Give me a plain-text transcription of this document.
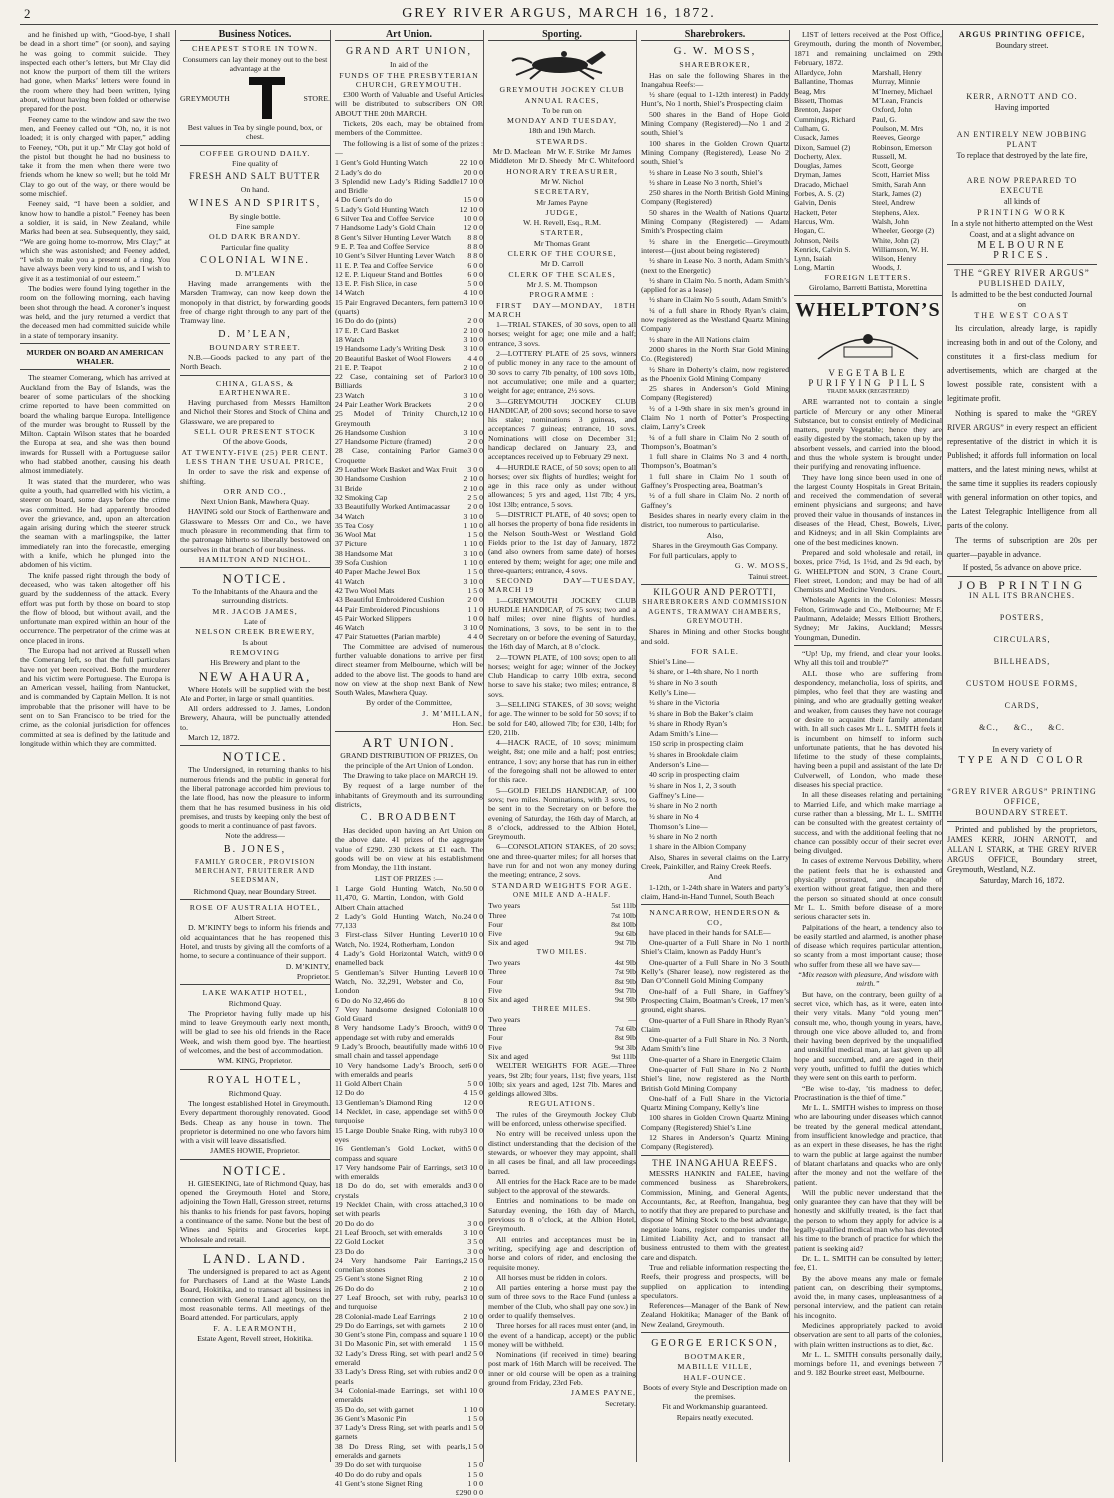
2	GREY RIVER ARGUS, MARCH 16, 1872.

and he finished up with, “Good-bye, I shall be dead in a short time” (or soon), and saying he was going to commit suicide. They inspected each other’s letters, but Mr Clay did not know the purport of them till the writers had gone, when Marks’ letters were found in the room where they had been written, lying about, without having been folded or otherwise prepared for the post.

Feeney came to the window and saw the two men, and Feeney called out “Oh, no, it is not loaded; it is only charged with paper,” adding to Feeney, “Oh, put it up.” Mr Clay got hold of the pistol but thought he had no business to take it from the men when there were two friends whom he knew so well; but he told Mr Clay to go out of the way, or there would be some mischief.

Feeney said, “I have been a soldier, and know how to handle a pistol.” Feeney has been a soldier, it is said, in New Zealand, while Marks had been at sea. Subsequently, they said, “We are going home to-morrow, Mrs Clay;” at which she was astonished; and Feeney added, “I wish to make you a present of a ring. You have always been very kind to us, and I wish to give it as a testimonial of our esteem.”

The bodies were found lying together in the room on the following morning, each having been shot through the head. A coroner’s inquest was held, and the jury returned a verdict that the deceased men had committed suicide while in a state of temporary insanity.

MURDER ON BOARD AN AMERICAN WHALER.

The steamer Comerang, which has arrived at Auckland from the Bay of Islands, was the bearer of some particulars of the shocking crime reported to have been committed on board the whaling barque Europa. Intelligence of the murder was brought to Russell by the Milton. Captain Wilson states that he boarded the Europa at sea, and she was then bound inwards for Russell with a Portuguese sailor who had stabbed another, causing his death almost immediately.

It was stated that the murderer, who was quite a youth, had quarrelled with his victim, a steerer on board, some days before the crime was committed. He had apparently brooded over the grievance, and, upon an altercation again arising during which the steerer struck the seaman with a marlingspike, the latter immediately ran into the forecastle, emerging with a knife, which he plunged into the abdomen of his victim.

The knife passed right through the body of deceased, who was taken altogether off his guard by the suddenness of the attack. Every effort was put forth by those on board to stop the flow of blood, but without avail, and the unfortunate man expired within an hour of the occurrence. The perpetrator of the crime was at once placed in irons.

The Europa had not arrived at Russell when the Comerang left, so that the full particulars have not yet been received. Both the murderer and his victim were Portuguese. The Europa is an American vessel, hailing from Nantucket, and is commanded by Captain Mellon. It is not improbable that the prisoner will have to be sent on to San Francisco to be tried for the crime, as the colonial jurisdiction for offences committed at sea is defined by the latitude and longitude within which they are committed.

Business Notices.

CHEAPEST STORE IN TOWN.

Consumers can lay their money out to the best advantage at the

GREYMOUTH	STORE.

Best values in Tea by single pound, box, or chest.

COFFEE GROUND DAILY.

Fine quality of

FRESH AND SALT BUTTER

On hand.

WINES AND SPIRITS,

By single bottle.

Fine sample

OLD DARK BRANDY.

Particular fine quality

COLONIAL WINE.

D. M’LEAN

Having made arrangements with the Marsden Tramway, can now keep down the monopoly in that district, by forwarding goods free of charge right through to any part of the Tramway line.

D. M’LEAN,

BOUNDARY STREET.

N.B.—Goods packed to any part of the North Beach.

CHINA, GLASS, & EARTHENWARE.

Having purchased from Messrs Hamilton and Nichol their Stores and Stock of China and Glassware, we are prepared to

SELL OUR PRESENT STOCK

Of the above Goods,

AT TWENTY-FIVE (25) PER CENT. LESS THAN THE USUAL PRICE,

In order to save the risk and expense of shifting.

ORR AND CO.,

Next Union Bank, Mawhera Quay.

HAVING sold our Stock of Earthenware and Glassware to Messrs Orr and Co., we have much pleasure in recommending that firm to the patronage hitherto so liberally bestowed on ourselves in that branch of our business.

HAMILTON AND NICHOL.

NOTICE.

To the Inhabitants of the Ahaura and the surrounding districts.

MR. JACOB JAMES,

Late of

NELSON CREEK BREWERY,

Is about

REMOVING

His Brewery and plant to the

NEW AHAURA,

Where Hotels will be supplied with the best Ale and Porter, in large or small quantities.

All orders addressed to J. James, London Brewery, Ahaura, will be punctually attended to.

March 12, 1872.

NOTICE.

The Undersigned, in returning thanks to his numerous friends and the public in general for the liberal patronage accorded him previous to the late flood, has now the pleasure to inform them that he has resumed business in his old premises, and trusts by keeping only the best of goods to merit a continuance of past favors.

Note the address—

B. JONES,

FAMILY GROCER, PROVISION MERCHANT, FRUITERER AND SEEDSMAN,

Richmond Quay, near Boundary Street.

ROSE OF AUSTRALIA HOTEL,

Albert Street.

D. M’KINTY begs to inform his friends and old acquaintances that he has reopened this Hotel, and trusts by giving all the comforts of a home, to secure a continuance of their support.

D. M’KINTY,

Proprietor.

LAKE WAKATIP HOTEL,

Richmond Quay.

The Proprietor having fully made up his mind to leave Greymouth early next month, will be glad to see his old friends in the Race Week, and wish them good bye. The heartiest of welcomes, and the best of accommodation.

WM. KING, Proprietor.

ROYAL HOTEL,

Richmond Quay.

The longest established Hotel in Greymouth. Every department thoroughly renovated. Good Beds. Cheap as any house in town. The proprietor is determined no one who favors him with a visit will leave dissatisfied.

JAMES HOWIE, Proprietor.

NOTICE.

H. GIESEKING, late of Richmond Quay, has opened the Greymouth Hotel and Store, adjoining the Town Hall, Gresson street, returns his thanks to his friends for past favors, hoping a continuance of the same. None but the best of Wines and Spirits and Groceries kept. Wholesale and retail.

LAND. LAND.

The undersigned is prepared to act as Agent for Purchasers of Land at the Waste Lands Board, Hokitika, and to transact all business in connection with General Land agency, on the most reasonable terms. All meetings of the Board attended. For particulars, apply

F. A. LEARMONTH,

Estate Agent, Revell street, Hokitika.

Art Union.

GRAND ART UNION,

In aid of the

FUNDS OF THE PRESBYTERIAN CHURCH, GREYMOUTH.

£300 Worth of Valuable and Useful Articles will be distributed to subscribers ON OR ABOUT THE 20th MARCH.

Tickets, 20s each, may be obtained from members of the Committee.

The following is a list of some of the prizes :—

1 Gent’s Gold Hunting Watch	22 10 0
2 Lady’s do do	20 0 0
3 Splendid new Lady’s Riding Saddle and Bridle
17 10 0
4 Do Gent’s do do	15 0 0
5 Lady’s Gold Hunting Watch	12 10 0
6 Silver Tea and Coffee Service	10 0 0
7 Handsome Lady’s Gold Chain	12 0 0
8 Gent’s Silver Hunting Lever Watch 8 8 0
9 E. P. Tea and Coffee Service	8 8 0
10 Gent’s Silver Hunting Lever Watch 8 8 0
11 E. P. Tea and Coffee Service	6 0 0
12 E. P. Liqueur Stand and Bottles	6 0 0
13 E. P. Fish Slice, in case	5 0 0
14 Watch	4 10 0
15 Pair Engraved Decanters, fern pattern (quarts)
3 10 0
16 Do do do (pints)	2 0 0
17 E. P. Card Basket	2 10 0
18 Watch	3 10 0
19 Handsome Lady’s Writing Desk 3 10 0
20 Beautiful Basket of Wool Flowers 4 4 0
21 E. P. Teapot	2 10 0
22 Case, containing set of Parlor Billiards
3 10 0
23 Watch	3 10 0
24 Pair Leather Work Brackets	2 0 0
25 Model of Trinity Church, Greymouth
12 10 0
26 Handsome Cushion	3 10 0
27 Handsome Picture (framed)	2 0 0
28 Case, containing Parlor Game Croquette
3 0 0
29 Leather Work Basket and Wax Fruit 3 0 0
30 Handsome Cushion	2 10 0
31 Bride	2 10 0
32 Smoking Cap	2 5 0
33 Beautifully Worked Antimacassar 2 0 0
34 Watch	3 10 0
35 Tea Cosy	1 10 0
36 Wool Mat	1 5 0
37 Picture	1 10 0
38 Handsome Mat	3 10 0
39 Sofa Cushion	1 10 0
40 Paper Mache Jewel Box	1 5 0
41 Watch	3 10 0
42 Two Wool Mats	1 5 0
43 Beautiful Embroidered Cushion	2 0 0
44 Pair Embroidered Pincushions	1 1 0
45 Pair Worked Slippers	1 0 0
46 Watch	3 10 0
47 Pair Statuettes (Parian marble)	4 4 0

The Committee are advised of numerous further valuable donations to arrive per first direct steamer from Melbourne, which will be added to the above list. The goods to hand are now on view at the shop next Bank of New South Wales, Mawhera Quay.

By order of the Committee,

J. M’MILLAN,

Hon. Sec.

ART UNION.

GRAND DISTRIBUTION OF PRIZES, On the principle of the Art Union of London.

The Drawing to take place on MARCH 19.

By request of a large number of the inhabitants of Greymouth and its surrounding districts,

C. BROADBENT

Has decided upon having an Art Union on the above date. 41 prizes of the aggregate value of £290. 230 tickets at £1 each. The goods will be on view at his establishment from Monday, the 11th instant.

LIST OF PRIZES :—

1 Large Gold Hunting Watch, No. 11,470, G. Martin, London, with Gold Albert Chain attached
50 0 0
2 Lady’s Gold Hunting Watch, No. 77,133
24 0 0
3 First-class Silver Hunting Lever Watch, No. 1924, Rotherham, London
10 10 0
4 Lady’s Gold Horizontal Watch, with enamelled back
9 0 0
5 Gentleman’s Silver Hunting Lever Watch, No. 32,291, Webster and Co, London
8 10 0
6 Do do No 32,466 do	8 10 0
7 Very handsome designed Colonial Gold Guard
8 10 0
8 Very handsome Lady’s Brooch, with appendage set with ruby and emeralds
9 0 0
9 Lady’s Brooch, beautifully made with small chain and tassel appendage
6 10 0
10 Very handsome Lady’s Brooch, set with emeralds and pearls
6 0 0
11 Gold Albert Chain	5 0 0
12 Do do	4 15 0
13 Gentleman’s Diamond Ring	12 0 0
14 Necklet, in case, appendage set with turquoise
5 0 0
15 Large Double Snake Ring, with ruby eyes
3 10 0
16 Gentleman’s Gold Locket, with compass and square
5 0 0
17 Very handsome Pair of Earrings, set with emeralds
3 10 0
18 Do do do, set with emeralds and crystals
3 0 0
19 Necklet Chain, with cross attached, set with pearls
3 10 0
20 Do do do	3 0 0
21 Leaf Brooch, set with emeralds	3 10 0
22 Gold Locket	3 5 0
23 Do do	3 0 0
24 Very handsome Pair Earrings, cornelian stones
2 15 0
25 Gent’s stone Signet Ring	2 10 0
26 Do do do	2 10 0
27 Leaf Brooch, set with ruby, pearls and turquoise
3 10 0
28 Colonial-made Leaf Earrings	2 10 0
29 Do do Earrings, set with garnets 2 10 0
30 Gent’s stone Pin, compass and square 1 10 0
31 Do Masonic Pin, set with emerald 1 15 0
32 Lady’s Dress Ring, set with pearl and emerald
2 5 0
33 Lady’s Dress Ring, set with rubies and pearls
2 0 0
34 Colonial-made Earrings, set with emeralds
1 10 0
35 Do do, set with garnet	1 10 0
36 Gent’s Masonic Pin	1 5 0
37 Lady’s Dress Ring, set with pearls and garnets
1 5 0
38 Do Dress Ring, set with pearls, emeralds and garnets
1 5 0
39 Do do set with turquoise	1 5 0
40 Do do do ruby and opals	1 5 0
41 Gent’s stone Signet Ring	1 0 0

£290 0 0

Sporting.

GREYMOUTH JOCKEY CLUB

ANNUAL RACES,

To be run on

MONDAY AND TUESDAY,

18th and 19th March.

STEWARDS.

Mr D. Maclean   Mr W. F. Strike   Mr James Middleton   Mr D. Sheedy   Mr C. Whitefoord

HONORARY TREASURER,

Mr W. Nichol

SECRETARY,

Mr James Payne

JUDGE,

W. H. Revell, Esq., R.M.

STARTER,

Mr Thomas Grant

CLERK OF THE COURSE,

Mr D. Carroll

CLERK OF THE SCALES,

Mr J. S. M. Thompson

PROGRAMME :

FIRST DAY—MONDAY, 18TH MARCH

1—TRIAL STAKES, of 30 sovs, open to all horses; weight for age; one mile and a half; entrance, 3 sovs.

2—LOTTERY PLATE of 25 sovs, winners of public money in any race to the amount of 30 sovs to carry 7lb penalty, of 100 sovs 10lb, not accumulative; one mile and a quarter; weight for age; entrance, 2½ sovs.

3—GREYMOUTH JOCKEY CLUB HANDICAP, of 200 sovs; second horse to save his stake; nominations 3 guineas, and acceptances 7 guineas; entrance, 10 sovs. Nominations will close on December 31; handicap declared on January 23, and acceptances received up to February 29 next.

4—HURDLE RACE, of 50 sovs; open to all horses; over six flights of hurdles; weight for age in this race only as under without allowances; 5 yrs and aged, 11st 7lb; 4 yrs, 10st 13lb; entrance, 5 sovs.

5—DISTRICT PLATE, of 40 sovs; open to all horses the property of bona fide residents in the Nelson South-West or Westland Gold Fields prior to the 1st day of January, 1872 (and also owners from same date) of horses entered by them; weight for age; one mile and three-quarters; entrance, 4 sovs.

SECOND DAY—TUESDAY, MARCH 19

1—GREYMOUTH JOCKEY CLUB HURDLE HANDICAP, of 75 sovs; two and a half miles; over nine flights of hurdles. Nominations, 3 sovs, to be sent in to the Secretary on or before the evening of Saturday, the 16th day of March, at 8 o’clock.

2—TOWN PLATE, of 100 sovs; open to all horses; weight for age; winner of the Jockey Club Handicap to carry 10lb extra, second horse to save his stake; two miles; entrance, 8 sovs.

3—SELLING STAKES, of 30 sovs; weight for age. The winner to be sold for 50 sovs; if to be sold for £40, allowed 7lb; for £30, 14lb; for £20, 21lb.

4—HACK RACE, of 10 sovs; minimum weight, 8st; one mile and a half; post entries; entrance, 1 sov; any horse that has run in either of the foregoing shall not be allowed to enter for this race.

5—GOLD FIELDS HANDICAP, of 100 sovs; two miles. Nominations, with 3 sovs, to be sent in to the Secretary on or before the evening of Saturday, the 16th day of March, at 8 o’clock, addressed to the Albion Hotel, Greymouth.

6—CONSOLATION STAKES, of 20 sovs; one and three-quarter miles; for all horses that have run for and not won any money during the meeting; entrance, 2 sovs.

STANDARD WEIGHTS FOR AGE.

ONE MILE AND A-HALF.

Two years	5st 11lb
Three	7st 10lb
Four	8st 10lb
Five	9st 6lb
Six and aged	9st 7lb

TWO MILES.

Two years	4st 9lb
Three	7st 9lb
Four	8st 9lb
Five	9st 7lb
Six and aged	9st 9lb

THREE MILES.

Two years	—
Three	7st 6lb
Four	8st 9lb
Five	9st 3lb
Six and aged	9st 11lb

WELTER WEIGHTS FOR AGE.—Three years, 9st 2lb; four years, 11st; five years, 11st 10lb; six years and aged, 12st 7lb. Mares and geldings allowed 3lbs.

REGULATIONS.

The rules of the Greymouth Jockey Club will be enforced, unless otherwise specified.

No entry will be received unless upon the distinct understanding that the decision of the stewards, or whoever they may appoint, shall in all cases be final, and all law proceedings barred.

All entries for the Hack Race are to be made subject to the approval of the stewards.

Entries and nominations to be made on Saturday evening, the 16th day of March, previous to 8 o’clock, at the Albion Hotel, Greymouth.

All entries and acceptances must be in writing, specifying age and description of horse and colors of rider, and enclosing the requisite money.

All horses must be ridden in colors.

All parties entering a horse must pay the sum of three sovs to the Race Fund (unless a member of the Club, who shall pay one sov.) in order to qualify themselves.

Three horses for all races must enter (and, in the event of a handicap, accept) or the public money will be withheld.

Nominations (if received in time) bearing post mark of 16th March will be received. The inner or old course will be open as a training ground from Friday, 23rd Feb.

JAMES PAYNE,

Secretary.

Sharebrokers.

G. W. MOSS,

SHAREBROKER,

Has on sale the following Shares in the Inangahua Reefs:—

½ share (equal to 1-12th interest) in Paddy Hunt’s, No 1 north, Shiel’s Prospecting claim

500 shares in the Band of Hope Gold Mining Company (Registered)—No 1 and 2 south, Shiel’s

100 shares in the Golden Crown Quartz Mining Company (Registered), Lease No 2 south, Shiel’s

½ share in Lease No 3 south, Shiel’s

½ share in Lease No 3 north, Shiel’s

250 shares in the North British Gold Mining Company (Registered)

50 shares in the Wealth of Nations Quartz Mining Company (Registered) — Adam Smith’s Prospecting claim

½ share in the Energetic—Greymouth interest—(just about being registered)

½ share in Lease No. 3 north, Adam Smith’s (next to the Energetic)

½ share in Claim No. 5 north, Adam Smith’s (applied for as a lease)

½ share in Claim No 5 south, Adam Smith’s

¼ of a full share in Rhody Ryan’s claim, now registered as the Westland Quartz Mining Company

½ share in the All Nations claim

2000 shares in the North Star Gold Mining Co. (Registered)

½ Share in Doherty’s claim, now registered as the Phoenix Gold Mining Company

25 shares in Anderson’s Gold Mining Company (Registered)

½ of a 1-9th share in six men’s ground in Claim No 1 north of Potter’s Prospecting claim, Larry’s Creek

¼ of a full share in Claim No 2 south of Thompson’s, Boatman’s

1 full share in Claims No 3 and 4 north, Thompson’s, Boatman’s

1 full share in Claim No 1 south of Gaffney’s Prospecting area, Boatman’s

½ of a full share in Claim No. 2 north of Gaffney’s

Besides shares in nearly every claim in the district, too numerous to particularise.

Also,

Shares in the Greymouth Gas Company.

For full particulars, apply to

G. W. MOSS,

Tainui street.

KILGOUR AND PEROTTI,

SHAREBROKERS AND COMMISSION AGENTS, TRAMWAY CHAMBERS, GREYMOUTH.

Shares in Mining and other Stocks bought and sold.

FOR SALE.

Shiel’s Line—

¼ share, or 1-4th share, No 1 north

½ share in No 3 south

Kelly’s Line—

½ share in the Victoria

½ share in Bob the Baker’s claim

½ share in Rhody Ryan’s

Adam Smith’s Line—

150 scrip in prospecting claim

½ shares in Brookdale claim

Anderson’s Line—

40 scrip in prospecting claim

½ share in Nos 1, 2, 3 south

Gaffney’s Line—

½ share in No 2 north

½ share in No 4

Thomson’s Line—

½ share in No 2 north

1 share in the Albion Company

Also, Shares in several claims on the Larry Creek, Painkiller, and Rainy Creek Reefs.

And

1-12th, or 1-24th share in Waters and party’s claim, Hand-in-Hand Tunnel, South Beach

NANCARROW, HENDERSON & CO,

have placed in their hands for SALE—

One-quarter of a Full Share in No 1 north Shiel’s Claim, known as Paddy Hunt’s

One-quarter of a Full Share in No 3 South Kelly’s (Sharer lease), now registered as the Dan O’Connell Gold Mining Company

One-half of a Full Share, in Gaffney’s Prospecting Claim, Boatman’s Creek, 17 men’s ground, eight shares.

One-quarter of a Full Share in Rhody Ryan’s Claim

One-quarter of a Full Share in No. 3 North, Adam Smith’s line

One-quarter of a Share in Energetic Claim

One-quarter of Full Share in No 2 North Shiel’s line, now registered as the North British Gold Mining Company

One-half of a Full Share in the Victoria Quartz Mining Company, Kelly’s line

100 shares in Golden Crown Quartz Mining Company (Registered) Shiel’s Line

12 Shares in Anderson’s Quartz Mining Company (Registered).

THE INANGAHUA REEFS.

MESSRS HANKIN and FALEE, having commenced business as Sharebrokers, Commission, Mining, and General Agents, Accountants, &c, at Reefton, Inangahua, beg to notify that they are prepared to purchase and dispose of Mining Stock to the best advantage, negotiate loans, register companies under the Limited Liability Act, and to transact all business entrusted to them with the greatest care and dispatch.

True and reliable information respecting the Reefs, their progress and prospects, will be supplied on application to intending speculators.

References—Manager of the Bank of New Zealand Hokitika; Manager of the Bank of New Zealand, Greymouth.

GEORGE ERICKSON,

BOOTMAKER,

MABILLE VILLE,

HALF-OUNCE.

Boots of every Style and Description made on the premises.

Fit and Workmanship guaranteed.

Repairs neatly executed.

LIST of letters received at the Post Office, Greymouth, during the month of November, 1871 and remaining unclaimed on 29th February, 1872.

Allardyce, John
Ballantine, Thomas
Beag, Mrs
Bissett, Thomas
Brenton, Jasper
Cummings, Richard
Culham, G.
Cusack, James
Dixon, Samuel (2)
Docherty, Alex.
Douglas, James
Dryman, James
Dracado, Michael
Forbes, A. S. (2)
Galvin, Denis
Hackett, Peter
Harcus, Wm.
Hogan, C.
Johnson, Neils
Kenrick, Calvin S.
Lynn, Isaiah
Long, Martin
Marshall, Henry
Murray, Minnie
M’Inerney, Michael
M’Lean, Francis
Oxford, John
Paul, G.
Poulson, M. Mrs
Reeves, George
Robinson, Emerson
Russell, M.
Scott, George
Scott, Harriet Miss
Smith, Sarah Ann
Stark, James (2)
Steel, Andrew
Stephens, Alex.
Walsh, John
Wheeler, George (2)
White, John (2)
Williamson, W. H.
Wilson, Henry
Woods, J.

FOREIGN LETTERS.

Girolamo, Barretti Battista, Morettina

WHELPTON’S
VEGETABLE PURIFYING PILLS
TRADE MARK (REGISTERED)

ARE warranted not to contain a single particle of Mercury or any other Mineral Substance, but to consist entirely of Medicinal matters, purely Vegetable; hence they are easily digested by the stomach, taken up by the absorbent vessels, and carried into the blood, and thus the whole system is brought under their purifying and renovating influence.

They have long since been used in one of the largest County Hospitals in Great Britain, and received the commendation of several eminent physicians and surgeons; and have proved their value in thousands of instances in diseases of the Head, Chest, Bowels, Liver, and Kidneys; and in all Skin Complaints are one of the best medicines known.

Prepared and sold wholesale and retail, in boxes, price 7½d, 1s 1½d, and 2s 9d each, by G. WHELPTON and SON, 3 Crane Court, Fleet street, London; and may be had of all Chemists and Medicine Vendors.

Wholesale Agents in the Colonies: Messrs Felton, Grimwade and Co., Melbourne; Mr F. Paulmann, Adelaide; Messrs Elliott Brothers, Sydney; Mr Jakins, Auckland; Messrs Youngman, Dunedin.

“Up! Up, my friend, and clear your looks. Why all this toil and trouble?”

ALL those who are suffering from despondency, melancholia, loss of spirits, and pimples, who feel that they are wasting and pining, and who are gradually getting weaker and weaker, from causes they have not courage or desire to acquaint their family attendant with. In all such cases Mr L. L. SMITH feels it is incumbent on himself to inform such unfortunate patients, that he has devoted his lifetime to the study of these complaints, having been a pupil and assistant of the late Dr Culverwell, of London, who made these diseases his special practice.

In all these diseases relating and pertaining to Married Life, and which make marriage a curse rather than a blessing, Mr L. L. SMITH can be consulted with the greatest certainty of success, and with the additional feeling that no chance can possibly occur of their secret ever being divulged.

In cases of extreme Nervous Debility, where the patient feels that he is exhausted and physically prostrated, and incapable of exertion without great fatigue, then and there the person so situated should at once consult Mr L. L. Smith before disease of a more serious character sets in.

Palpitations of the heart, a tendency also to be easily startled and alarmed, is another phase of disease which requires particular attention, so scanty from a most important cause; those who suffer from these all we have sav—

“Mix reason with pleasure, And wisdom with mirth.”

But have, on the contrary, been guilty of a secret vice, which has, as it were, eaten into their very vitals. Many “old young men” consult me, who, though young in years, have, through one vice above alluded to, and from their having been deprived by the unqualified and unskilful medical man, at last given up all hope and succumbed, and are aged in their very youth, unfitted to fulfil the duties which they were sent on this earth to perform.

“Be wise to-day, ’tis madness to defer, Procrastination is the thief of time.”

Mr L. L. SMITH wishes to impress on those who are labouring under diseases which cannot be treated by the general medical attendant, from insufficient knowledge and practice, that as an expert in these diseases, he has the right to warn the public at large against the number of blatant charlatans and quacks who are only after the money and not the welfare of the patient.

Will the public never understand that the only guarantee they can have that they will be honestly and skilfully treated, is the fact that the person to whom they apply for advice is a legally-qualified medical man who has devoted his time to the branch of practice for which the patient is seeking aid?

Dr. L. L. SMITH can be consulted by letter; fee, £1.

By the above means any male or female patient can, on describing their symptoms, avoid the, in many cases, unpleasantness of a personal interview, and the patient can retain his incognito.

Medicines appropriately packed to avoid observation are sent to all parts of the colonies, with plain written instructions as to diet, &c.

Mr L. L. SMITH consults personally daily, mornings before 11, and evenings between 7 and 9. 182 Bourke street east, Melbourne.

ARGUS PRINTING OFFICE,

Boundary street.

KERR, ARNOTT AND CO.

Having imported

AN ENTIRELY NEW JOBBING PLANT

To replace that destroyed by the late fire,

ARE NOW PREPARED TO EXECUTE

all kinds of

PRINTING WORK

In a style not hitherto attempted on the West

Coast, and at a slight advance on

MELBOURNE PRICES.

THE “GREY RIVER ARGUS”

PUBLISHED DAILY,

Is admitted to be the best conducted Journal on

THE WEST COAST

Its circulation, already large, is rapidly increasing both in and out of the Colony, and constitutes it a first-class medium for advertisements, which are charged at the lowest possible rate, consistent with a legitimate profit.

Nothing is spared to make the “GREY RIVER ARGUS” in every respect an efficient representative of the district in which it is Published; it affords full information on local matters, and the latest mining news, whilst at the same time it supplies its readers copiously with general information on other topics, and the Latest Telegraphic Intelligence from all parts of the colony.

The terms of subscription are 20s per quarter—payable in advance.

If posted, 5s advance on above price.

JOB PRINTING

IN ALL ITS BRANCHES.

POSTERS,

CIRCULARS,

BILLHEADS,

CUSTOM HOUSE FORMS,

CARDS,

&C.,     &C.,     &C.

In every variety of

TYPE AND COLOR

“GREY RIVER ARGUS” PRINTING OFFICE,

BOUNDARY STREET.

Printed and published by the proprietors, JAMES KERR, JOHN ARNOTT, and ALLAN I. STARK, at THE GREY RIVER ARGUS OFFICE, Boundary street, Greymouth, Westland, N.Z.

Saturday, March 16, 1872.
